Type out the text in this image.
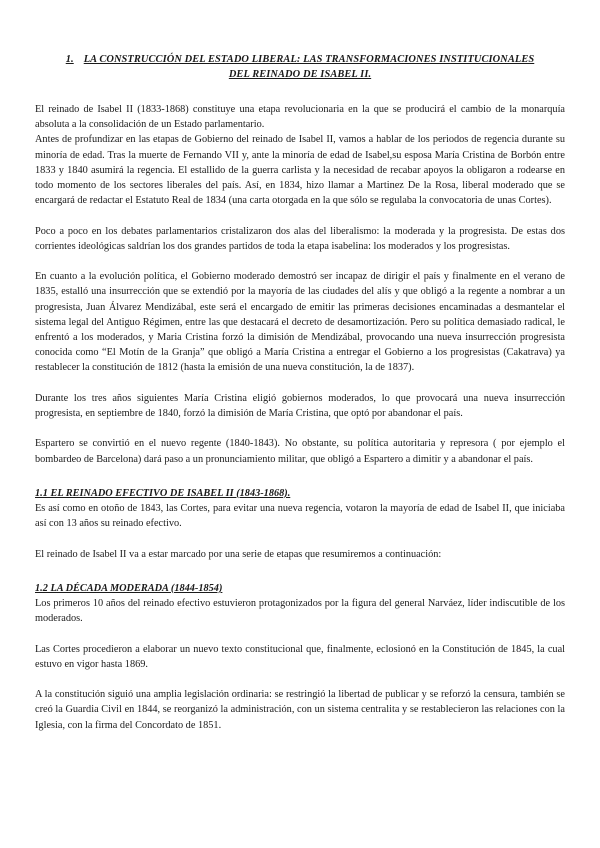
1. LA CONSTRUCCIÓN DEL ESTADO LIBERAL: LAS TRANSFORMACIONES INSTITUCIONALES
DEL REINADO DE ISABEL II.

El reinado de Isabel II (1833-1868) constituye una etapa revolucionaria en la que se producirá el cambio de la monarquía absoluta a la consolidación de un Estado parlamentario.

Antes de profundizar en las etapas de Gobierno del reinado de Isabel II, vamos a hablar de los periodos de regencia durante su minoría de edad. Tras la muerte de Fernando VII y, ante la minoría de edad de Isabel,su esposa María Cristina de Borbón entre 1833 y 1840 asumirá la regencia. El estallido de la guerra carlista y la necesidad de recabar apoyos la obligaron a rodearse en todo momento de los sectores liberales del país. Así, en 1834, hizo llamar a Martinez De la Rosa, liberal moderado que se encargará de redactar el Estatuto Real de 1834 (una carta otorgada en la que sólo se regulaba la convocatoria de unas Cortes).

Poco a poco en los debates parlamentarios cristalizaron dos alas del liberalismo: la moderada y la progresista. De estas dos corrientes ideológicas saldrían los dos grandes partidos de toda la etapa isabelina: los moderados y los progresistas.

En cuanto a la evolución política, el Gobierno moderado demostró ser incapaz de dirigir el país y finalmente en el verano de 1835, estalló una insurrección que se extendió por la mayoría de las ciudades del alís y que obligó a la regente a nombrar a un progresista, Juan Álvarez Mendizábal, este será el encargado de emitir las primeras decisiones encaminadas a desmantelar el sistema legal del Antiguo Régimen, entre las que destacará el decreto de desamortización. Pero su política demasiado radical, le enfrentó a los moderados, y Maria Cristina forzó la dimisión de Mendizábal, provocando una nueva insurrección progresista conocida como “El Motín de la Granja” que obligó a María Cristina a entregar el Gobierno a los progresistas (Cakatrava) ya restablecer la constitución de 1812 (hasta la emisión de una nueva constitución, la de 1837).

Durante los tres años siguientes María Cristina eligió gobiernos moderados, lo que provocará una nueva insurrección progresista, en septiembre de 1840, forzó la dimisión de María Cristina, que optó por abandonar el país.

Espartero se convirtió en el nuevo regente (1840-1843). No obstante, su política autoritaria y represora ( por ejemplo el bombardeo de Barcelona) dará paso a un pronunciamiento militar, que obligó a Espartero a dimitir y a abandonar el país.

1.1 EL REINADO EFECTIVO DE ISABEL II (1843-1868).

Es así como en otoño de 1843, las Cortes, para evitar una nueva regencia, votaron la mayoría de edad de Isabel II, que iniciaba así con 13 años su reinado efectivo.

El reinado de Isabel II va a estar marcado por una serie de etapas que resumiremos a continuación:

1.2 LA DÉCADA MODERADA (1844-1854)

Los primeros 10 años del reinado efectivo estuvieron protagonizados por la figura del general Narváez, líder indiscutible de los moderados.

Las Cortes procedieron a elaborar un nuevo texto constitucional que, finalmente, eclosionó en la Constitución de 1845, la cual estuvo en vigor hasta 1869.

A la constitución siguió una amplia legislación ordinaria: se restringió la libertad de publicar y se reforzó la censura, también se creó la Guardia Civil en 1844, se reorganizó la administración, con un sistema centralita y se restablecieron las relaciones con la Iglesia, con la firma del Concordato de 1851.
